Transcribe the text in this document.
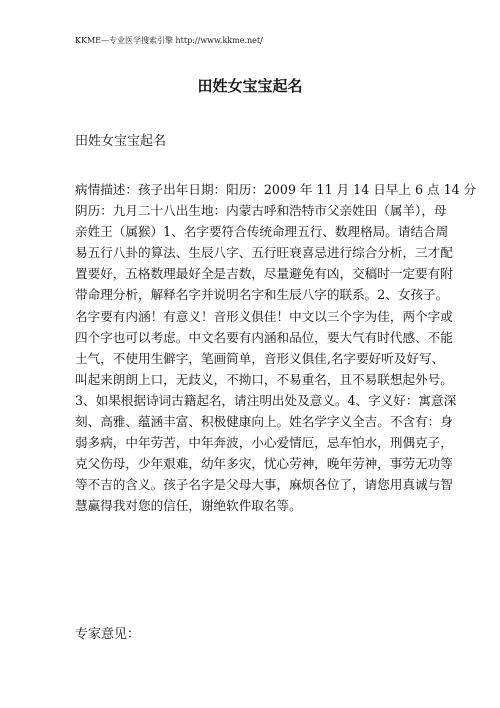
KKME—专业医学搜索引擎 http://www.kkme.net/
田姓女宝宝起名
田姓女宝宝起名
病情描述：孩子出年日期：阳历：2009 年 11 月 14 日早上 6 点 14 分
阴历：九月二十八出生地：内蒙古呼和浩特市父亲姓田（属羊），母
亲姓王（属猴）1、名字要符合传统命理五行、数理格局。请结合周
易五行八卦的算法、生辰八字、五行旺衰喜忌进行综合分析，三才配
置要好，五格数理最好全是吉数，尽量避免有凶，交稿时一定要有附
带命理分析，解释名字并说明名字和生辰八字的联系。2、女孩子。
名字要有内涵！有意义！音形义俱佳！中文以三个字为佳，两个字或
四个字也可以考虑。中文名要有内涵和品位，要大气有时代感、不能
土气，不使用生僻字，笔画简单，音形义俱佳,名字要好听及好写、
叫起来朗朗上口，无歧义，不拗口，不易重名，且不易联想起外号。
3、如果根据诗词古籍起名，请注明出处及意义。4、字义好：寓意深
刻、高雅、蕴涵丰富、积极健康向上。姓名学字义全吉。不含有：身
弱多病，中年劳苦，中年奔波，小心爱情厄，忌车怕水，刑偶克子，
克父伤母，少年艰难，幼年多灾，忧心劳神，晚年劳神，事劳无功等
等不吉的含义。孩子名字是父母大事，麻烦各位了，请您用真诚与智
慧赢得我对您的信任，谢绝软件取名等。
专家意见：
